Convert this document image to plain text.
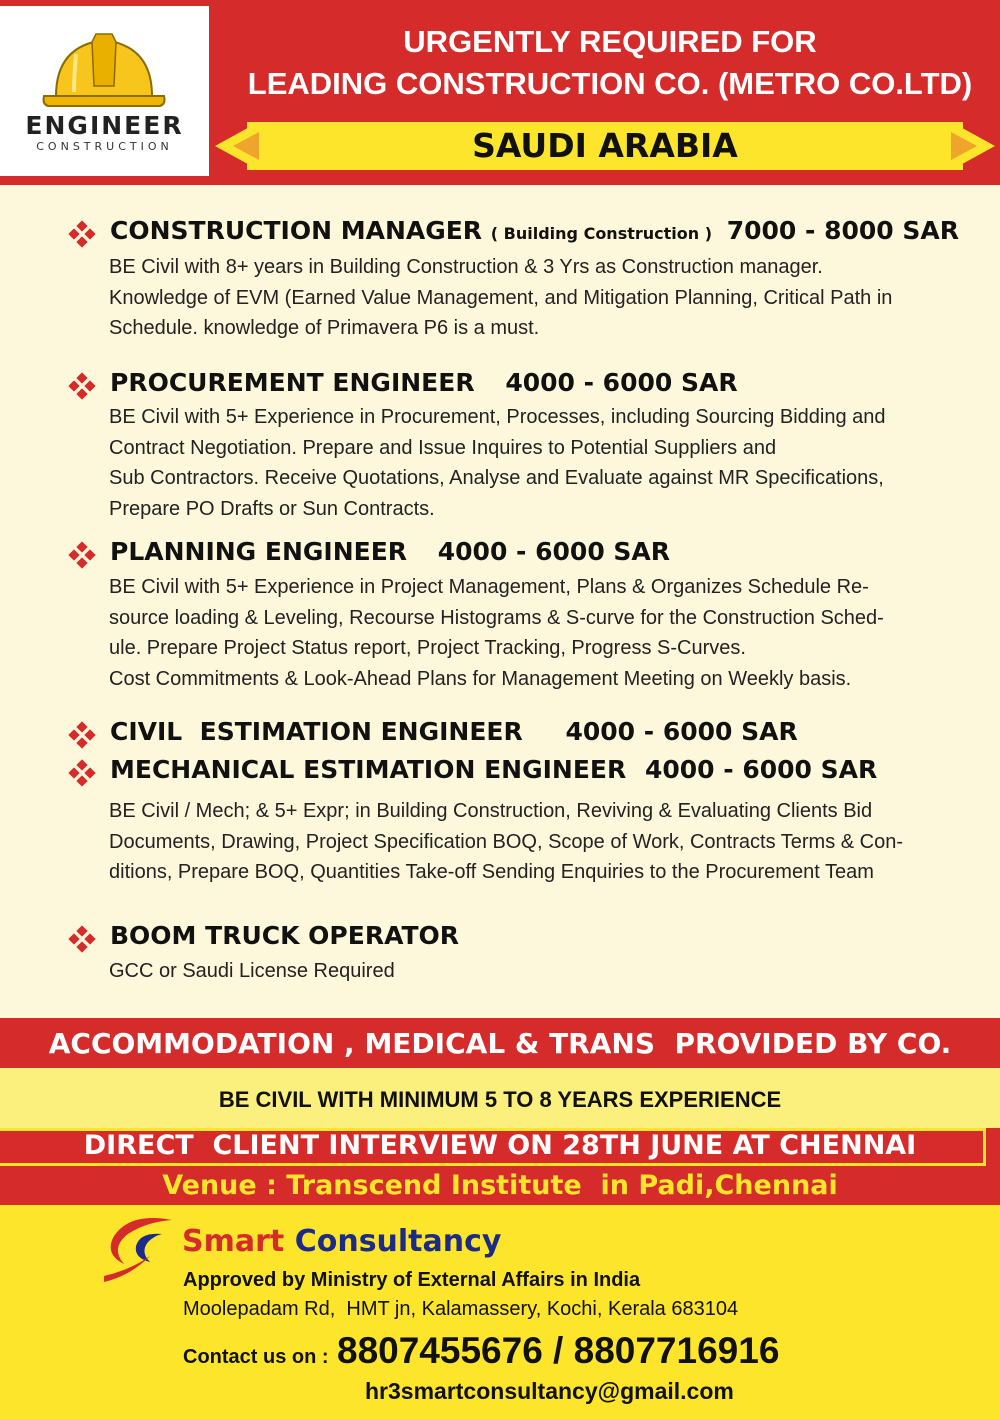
ENGINEER
CONSTRUCTION
URGENTLY REQUIRED FOR
LEADING CONSTRUCTION CO. (METRO CO.LTD)
SAUDI ARABIA
CONSTRUCTION MANAGER ( Building Construction ) 7000 - 8000 SAR
BE Civil with 8+ years in Building Construction & 3 Yrs as Construction manager.
Knowledge of EVM (Earned Value Management, and Mitigation Planning, Critical Path in
Schedule. knowledge of Primavera P6 is a must.
PROCUREMENT ENGINEER 4000 - 6000 SAR
BE Civil with 5+ Experience in Procurement, Processes, including Sourcing Bidding and
Contract Negotiation. Prepare and Issue Inquires to Potential Suppliers and
Sub Contractors. Receive Quotations, Analyse and Evaluate against MR Specifications,
Prepare PO Drafts or Sun Contracts.
PLANNING ENGINEER 4000 - 6000 SAR
BE Civil with 5+ Experience in Project Management, Plans & Organizes Schedule Re-
source loading & Leveling, Recourse Histograms & S-curve for the Construction Sched-
ule. Prepare Project Status report, Project Tracking, Progress S-Curves.
Cost Commitments & Look-Ahead Plans for Management Meeting on Weekly basis.
CIVIL  ESTIMATION ENGINEER 4000 - 6000 SAR
MECHANICAL ESTIMATION ENGINEER 4000 - 6000 SAR
BE Civil / Mech; & 5+ Expr; in Building Construction, Reviving & Evaluating Clients Bid
Documents, Drawing, Project Specification BOQ, Scope of Work, Contracts Terms & Con-
ditions, Prepare BOQ, Quantities Take-off Sending Enquiries to the Procurement Team
BOOM TRUCK OPERATOR
GCC or Saudi License Required
ACCOMMODATION , MEDICAL & TRANS  PROVIDED BY CO.
BE CIVIL WITH MINIMUM 5 TO 8 YEARS EXPERIENCE
DIRECT  CLIENT INTERVIEW ON 28TH JUNE AT CHENNAI
Venue : Transcend Institute  in Padi,Chennai
Smart Consultancy
Approved by Ministry of External Affairs in India
Moolepadam Rd,  HMT jn, Kalamassery, Kochi, Kerala 683104
Contact us on : 8807455676 / 8807716916
hr3smartconsultancy@gmail.com
